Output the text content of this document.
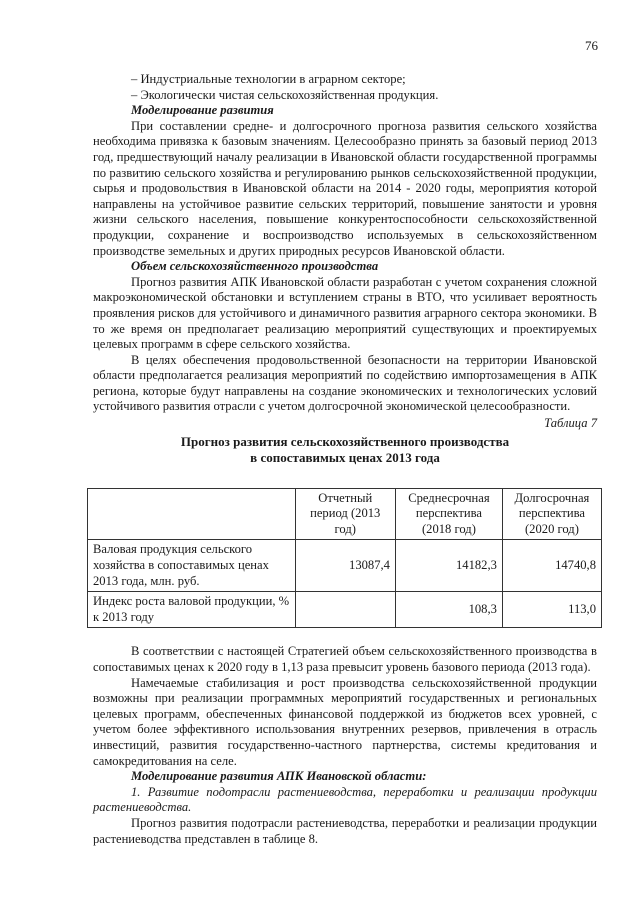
76

– Индустриальные технологии в аграрном секторе;

– Экологически чистая сельскохозяйственная продукция.

Моделирование развития

При составлении средне- и долгосрочного прогноза развития сельского хозяйства необходима привязка к базовым значениям. Целесообразно принять за базовый период 2013 год, предшествующий началу реализации в Ивановской области государственной программы по развитию сельского хозяйства и регулированию рынков сельскохозяйственной продукции, сырья и продовольствия в Ивановской области на 2014 - 2020 годы, мероприятия которой направлены на устойчивое развитие сельских территорий, повышение занятости и уровня жизни сельского населения, повышение конкурентоспособности сельскохозяйственной продукции, сохранение и воспроизводство используемых в сельскохозяйственном производстве земельных и других природных ресурсов Ивановской области.

Объем сельскохозяйственного производства

Прогноз развития АПК Ивановской области разработан с учетом сохранения сложной макроэкономической обстановки и вступлением страны в ВТО, что усиливает вероятность проявления рисков для устойчивого и динамичного развития аграрного сектора экономики. В то же время он предполагает реализацию мероприятий существующих и проектируемых целевых программ в сфере сельского хозяйства.

В целях обеспечения продовольственной безопасности на территории Ивановской области предполагается реализация мероприятий по содействию импортозамещения в АПК региона, которые будут направлены на создание экономических и технологических условий устойчивого развития отрасли с учетом долгосрочной экономической целесообразности.

Таблица 7

Прогноз развития сельскохозяйственного производства
в сопоставимых ценах 2013 года
	Отчетный период (2013 год)	Среднесрочная перспектива (2018 год)	Долгосрочная перспектива (2020 год)
Валовая продукция сельского хозяйства в сопоставимых ценах 2013 года, млн. руб.	13087,4	14182,3	14740,8
Индекс роста валовой продукции, % к 2013 году		108,3	113,0

В соответствии с настоящей Стратегией объем сельскохозяйственного производства в сопоставимых ценах к 2020 году в 1,13 раза превысит уровень базового периода (2013 года).

Намечаемые стабилизация и рост производства сельскохозяйственной продукции возможны при реализации программных мероприятий государственных и региональных целевых программ, обеспеченных финансовой поддержкой из бюджетов всех уровней, с учетом более эффективного использования внутренних резервов, привлечения в отрасль инвестиций, развития государственно-частного партнерства, системы кредитования и самокредитования на селе.

Моделирование развития АПК Ивановской области:

1. Развитие подотрасли растениеводства, переработки и реализации продукции растениеводства.

Прогноз развития подотрасли растениеводства, переработки и реализации продукции растениеводства представлен в таблице 8.
